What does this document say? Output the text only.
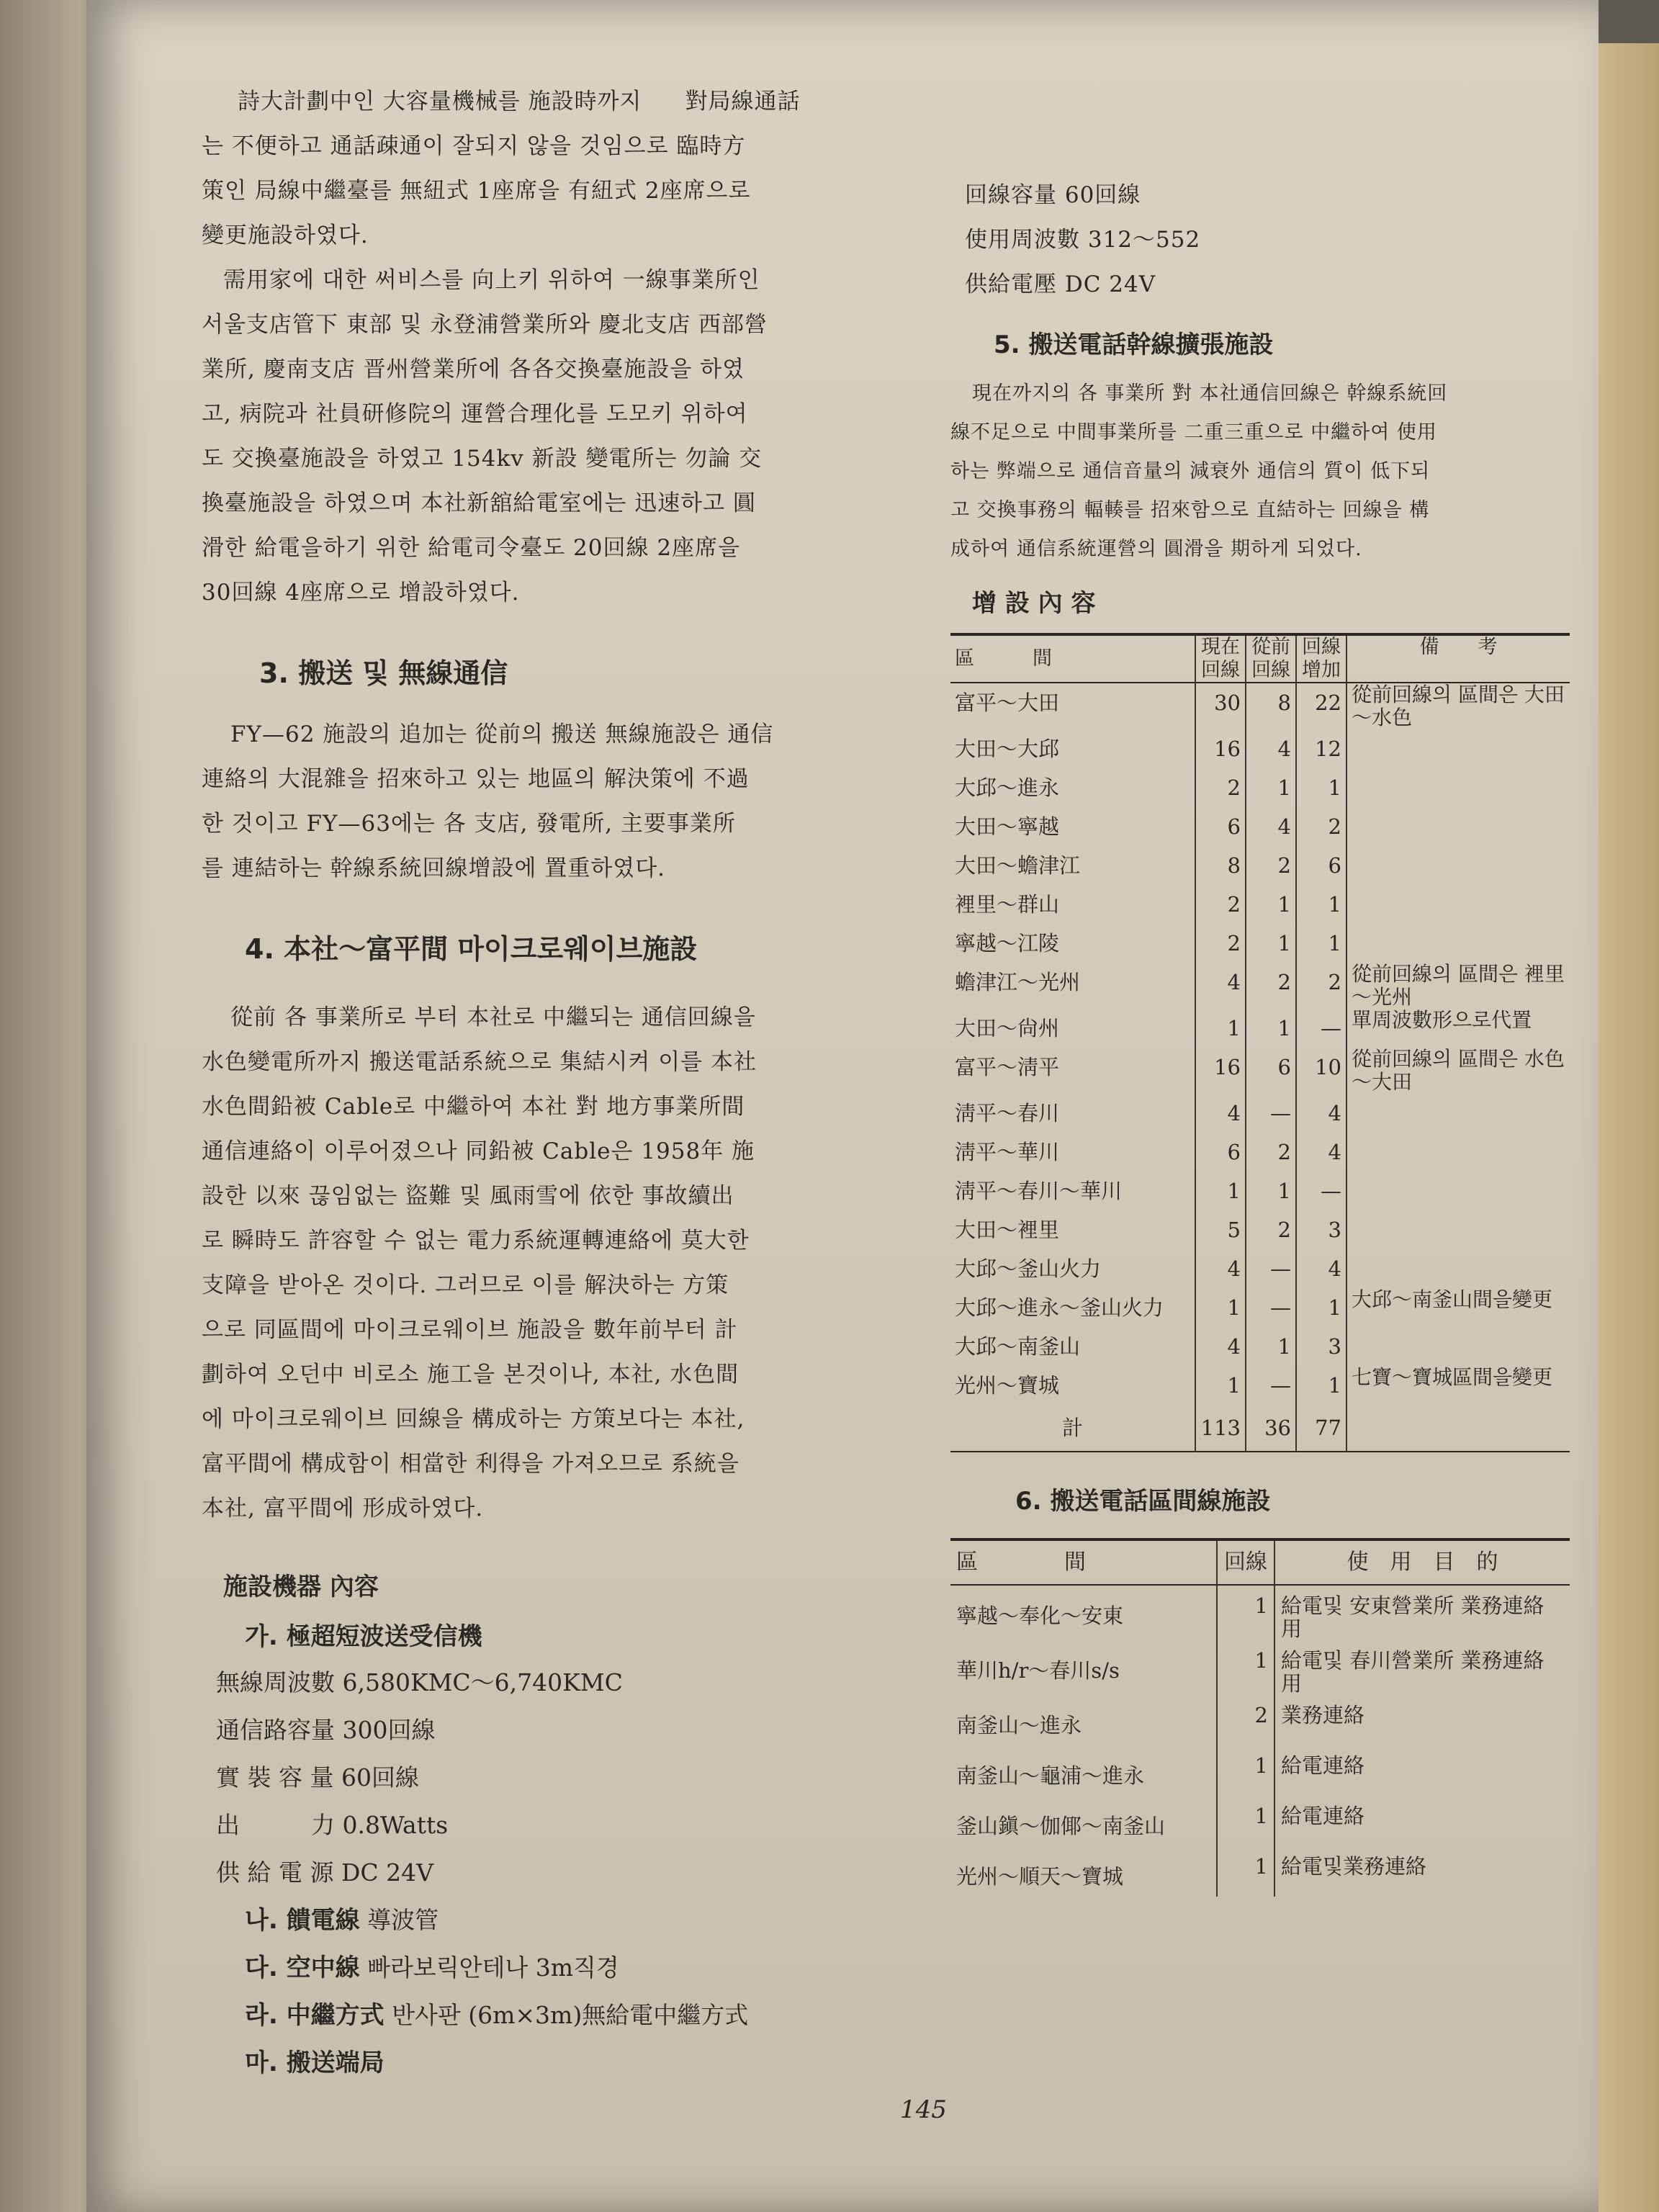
詩大計劃中인 大容量機械를 施設時까지 對局線通話
는 不便하고 通話疎通이 잘되지 않을 것임으로 臨時方
策인 局線中繼臺를 無紐式 1座席을 有紐式 2座席으로
變更施設하였다.
需用家에 대한 써비스를 向上키 위하여 一線事業所인
서울支店管下 東部 및 永登浦營業所와 慶北支店 西部營
業所, 慶南支店 晋州營業所에 各各交換臺施設을 하였
고, 病院과 社員研修院의 運營合理化를 도모키 위하여
도 交換臺施設을 하였고 154kv 新設 變電所는 勿論 交
換臺施設을 하였으며 本社新舘給電室에는 迅速하고 圓
滑한 給電을하기 위한 給電司令臺도 20回線 2座席을
30回線 4座席으로 增設하였다.
3. 搬送 및 無線通信
FY—62 施設의 追加는 從前의 搬送 無線施設은 通信
連絡의 大混雜을 招來하고 있는 地區의 解決策에 不過
한 것이고 FY—63에는 各 支店, 發電所, 主要事業所
를 連結하는 幹線系統回線增設에 置重하였다.
4. 本社～富平間 마이크로웨이브施設
從前 各 事業所로 부터 本社로 中繼되는 通信回線을
水色變電所까지 搬送電話系統으로 集結시켜 이를 本社
水色間鉛被 Cable로 中繼하여 本社 對 地方事業所間
通信連絡이 이루어졌으나 同鉛被 Cable은 1958年 施
設한 以來 끊임없는 盜難 및 風雨雪에 依한 事故續出
로 瞬時도 許容할 수 없는 電力系統運轉連絡에 莫大한
支障을 받아온 것이다. 그러므로 이를 解決하는 方策
으로 同區間에 마이크로웨이브 施設을 數年前부터 計
劃하여 오던中 비로소 施工을 본것이나, 本社, 水色間
에 마이크로웨이브 回線을 構成하는 方策보다는 本社,
富平間에 構成함이 相當한 利得을 가져오므로 系統을
本社, 富平間에 形成하였다.
施設機器 內容
가. 極超短波送受信機
無線周波數 6,580KMC～6,740KMC
通信路容量 300回線
實 裝 容 量 60回線
出　　　力 0.8Watts
供 給 電 源 DC 24V
나. 饋電線 導波管
다. 空中線 빠라보릭안테나 3m직경
라. 中繼方式 반사판 (6m×3m)無給電中繼方式
마. 搬送端局
回線容量 60回線
使用周波數 312～552
供給電壓 DC 24V
5. 搬送電話幹線擴張施設
現在까지의 各 事業所 對 本社通信回線은 幹線系統回
線不足으로 中間事業所를 二重三重으로 中繼하여 使用
하는 弊端으로 通信音量의 減衰外 通信의 質이 低下되
고 交換事務의 輻輳를 招來함으로 直結하는 回線을 構
成하여 通信系統運營의 圓滑을 期하게 되었다.
增 設 內 容
區　　　間	現在回線	從前回線	回線增加	備　　考
富平～大田	30	8	22	從前回線의 區間은 大田～水色
大田～大邱	16	4	12	
大邱～進永	2	1	1	
大田～寧越	6	4	2	
大田～蟾津江	8	2	6	
裡里～群山	2	1	1	
寧越～江陵	2	1	1	
蟾津江～光州	4	2	2	從前回線의 區間은 裡里～光州
大田～尙州	1	1	—	單周波數形으로代置
富平～淸平	16	6	10	從前回線의 區間은 水色～大田
淸平～春川	4	—	4	
淸平～華川	6	2	4	
淸平～春川～華川	1	1	—	
大田～裡里	5	2	3	
大邱～釜山火力	4	—	4	
大邱～進永～釜山火力	1	—	1	大邱～南釜山間을變更
大邱～南釜山	4	1	3	
光州～寶城	1	—	1	七寶～寶城區間을變更
計	113	36	77	
6. 搬送電話區間線施設
區　　　　間	回線	使　用　目　的
寧越～奉化～安東	1	給電및 安東營業所 業務連絡用
華川h/r～春川s/s	1	給電및 春川營業所 業務連絡用
南釜山～進永	2	業務連絡
南釜山～龜浦～進永	1	給電連絡
釜山鎭～伽倻～南釜山	1	給電連絡
光州～順天～寶城	1	給電및業務連絡
145
